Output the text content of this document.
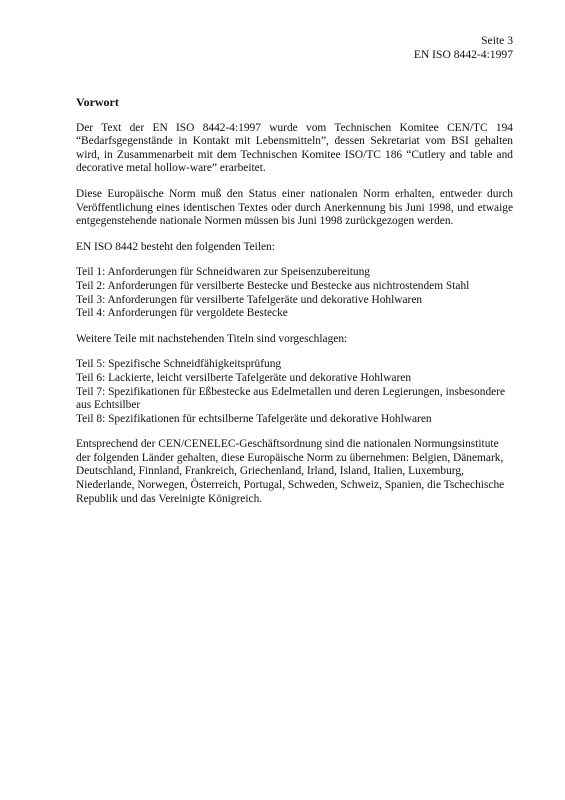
Seite 3
EN ISO 8442-4:1997
Vorwort

Der Text der EN ISO 8442-4:1997 wurde vom Technischen Komitee CEN/TC 194 “Bedarfsgegenstände in Kontakt mit Lebensmitteln”, dessen Sekretariat vom BSI gehalten wird, in Zusammenarbeit mit dem Technischen Komitee ISO/TC 186 “Cutlery and table and decorative metal hollow-ware” erarbeitet.

Diese Europäische Norm muß den Status einer nationalen Norm erhalten, entweder durch Veröffentlichung eines identischen Textes oder durch Anerkennung bis Juni 1998, und etwaige entgegenstehende nationale Normen müssen bis Juni 1998 zurückgezogen werden.

EN ISO 8442 besteht den folgenden Teilen:

Teil 1: Anforderungen für Schneidwaren zur Speisenzubereitung
Teil 2: Anforderungen für versilberte Bestecke und Bestecke aus nichtrostendem Stahl
Teil 3: Anforderungen für versilberte Tafelgeräte und dekorative Hohlwaren
Teil 4: Anforderungen für vergoldete Bestecke

Weitere Teile mit nachstehenden Titeln sind vorgeschlagen:

Teil 5: Spezifische Schneidfähigkeitsprüfung
Teil 6: Lackierte, leicht versilberte Tafelgeräte und dekorative Hohlwaren
Teil 7: Spezifikationen für Eßbestecke aus Edelmetallen und deren Legierungen, insbesondere aus Echtsilber
Teil 8: Spezifikationen für echtsilberne Tafelgeräte und dekorative Hohlwaren

Entsprechend der CEN/CENELEC-Geschäftsordnung sind die nationalen Normungsinstitute der folgenden Länder gehalten, diese Europäische Norm zu übernehmen: Belgien, Dänemark, Deutschland, Finnland, Frankreich, Griechenland, Irland, Island, Italien, Luxemburg, Niederlande, Norwegen, Österreich, Portugal, Schweden, Schweiz, Spanien, die Tschechische Republik und das Vereinigte Königreich.
